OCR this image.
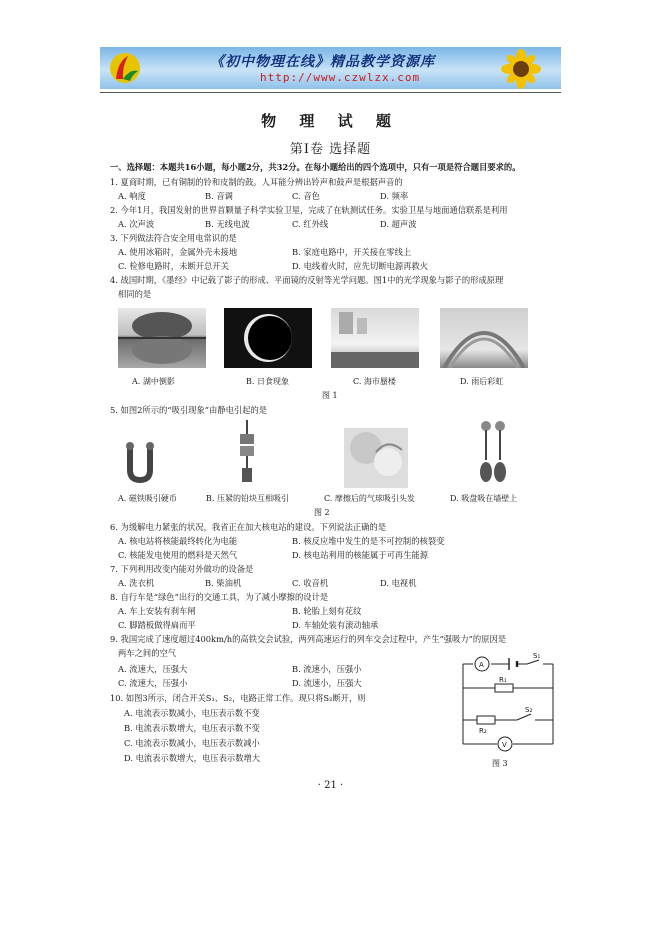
《初中物理在线》精品教学资源库
http://www.czwlzx.com
物 理 试 题
第Ⅰ卷 选择题
一、选择题：本题共16小题，每小题2分，共32分。在每小题给出的四个选项中，只有一项是符合题目要求的。
1. 夏商时期，已有铜制的铃和皮制的鼓。人耳能分辨出铃声和鼓声是根据声音的
A. 响度	B. 音调	C. 音色	D. 频率
2. 今年1月，我国发射的世界首颗量子科学实验卫星，完成了在轨测试任务。实验卫星与地面通信联系是利用
A. 次声波	B. 无线电波	C. 红外线	D. 超声波
3. 下列做法符合安全用电常识的是
A. 使用冰箱时，金属外壳未接地	B. 家庭电路中，开关接在零线上
C. 检修电路时，未断开总开关	D. 电线着火时，应先切断电源再救火
4. 战国时期，《墨经》中记载了影子的形成、平面镜的反射等光学问题。图1中的光学现象与影子的形成原理
相同的是
A. 湖中倒影	B. 日食现象	C. 海市蜃楼	D. 雨后彩虹
图 1
5. 如图2所示的“吸引现象”由静电引起的是
A. 磁铁吸引硬币	B. 压紧的铅块互相吸引	C. 摩擦后的气球吸引头发	D. 吸盘吸在墙壁上
图 2
6. 为缓解电力紧张的状况，我省正在加大核电站的建设。下列说法正确的是
A. 核电站将核能最终转化为电能	B. 核反应堆中发生的是不可控制的核裂变
C. 核能发电使用的燃料是天然气	D. 核电站利用的核能属于可再生能源
7. 下列利用改变内能对外做功的设备是
A. 洗衣机	B. 柴油机	C. 收音机	D. 电视机
8. 自行车是“绿色”出行的交通工具，为了减小摩擦的设计是
A. 车上安装有刹车闸	B. 轮胎上刻有花纹
C. 脚踏板做得扁而平	D. 车轴处装有滚动轴承
9. 我国完成了速度超过400km/h的高铁交会试验，两列高速运行的列车交会过程中，产生“强吸力”的原因是
两车之间的空气
A. 流速大，压强大	B. 流速小，压强小
C. 流速大，压强小	D. 流速小，压强大
10. 如图3所示，闭合开关S₁、S₂，电路正常工作。现只将S₂断开，则
A. 电流表示数减小，电压表示数不变
B. 电流表示数增大，电压表示数不变
C. 电流表示数减小，电压表示数减小
D. 电流表示数增大，电压表示数增大
A
V
S₁
R₁
S₂
R₂
图 3
· 21 ·
